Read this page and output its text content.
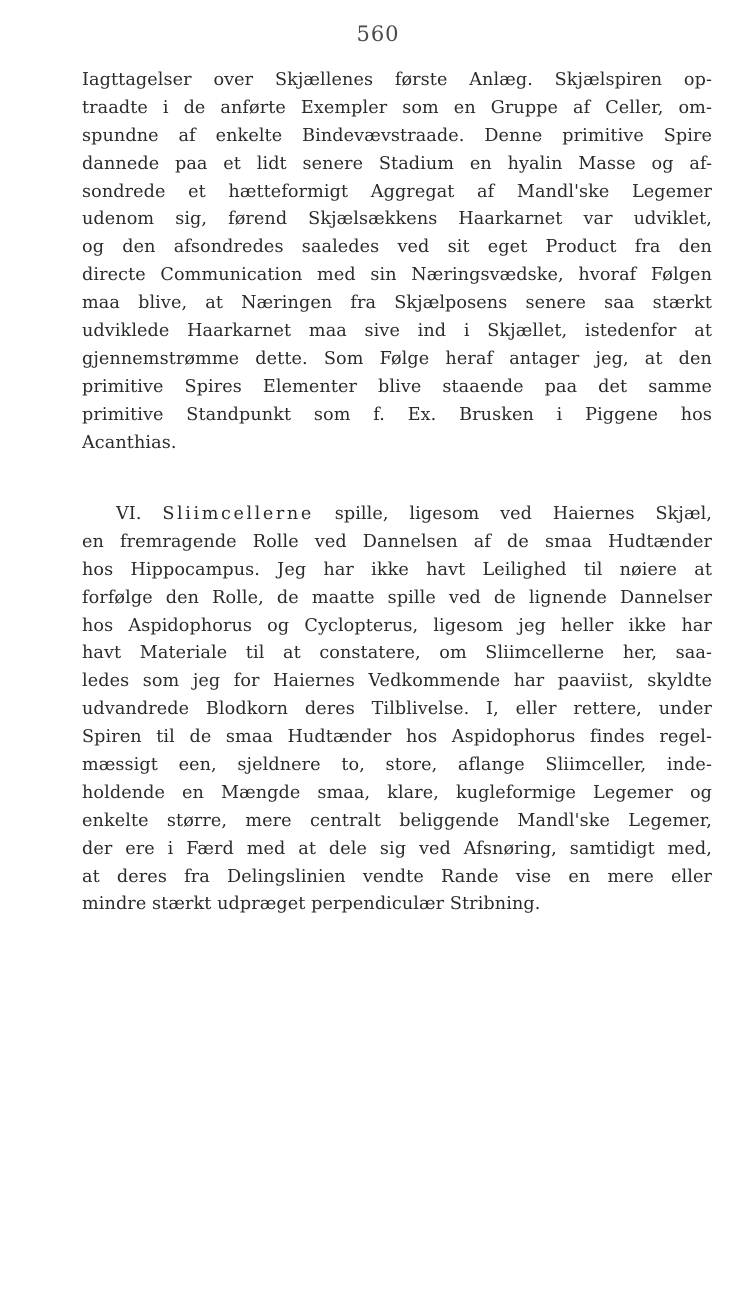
560
Iagttagelser over Skjællenes første Anlæg. Skjælspiren op-
traadte i de anførte Exempler som en Gruppe af Celler, om-
spundne af enkelte Bindevævstraade. Denne primitive Spire
dannede paa et lidt senere Stadium en hyalin Masse og af-
sondrede et hætteformigt Aggregat af Mandl'ske Legemer
udenom sig, førend Skjælsækkens Haarkarnet var udviklet,
og den afsondredes saaledes ved sit eget Product fra den
directe Communication med sin Næringsvædske, hvoraf Følgen
maa blive, at Næringen fra Skjælposens senere saa stærkt
udviklede Haarkarnet maa sive ind i Skjællet, istedenfor at
gjennemstrømme dette. Som Følge heraf antager jeg, at den
primitive Spires Elementer blive staaende paa det samme
primitive Standpunkt som f. Ex. Brusken i Piggene hos
Acanthias.
VI. Sliimcellerne spille, ligesom ved Haiernes Skjæl,
en fremragende Rolle ved Dannelsen af de smaa Hudtænder
hos Hippocampus. Jeg har ikke havt Leilighed til nøiere at
forfølge den Rolle, de maatte spille ved de lignende Dannelser
hos Aspidophorus og Cyclopterus, ligesom jeg heller ikke har
havt Materiale til at constatere, om Sliimcellerne her, saa-
ledes som jeg for Haiernes Vedkommende har paaviist, skyldte
udvandrede Blodkorn deres Tilblivelse. I, eller rettere, under
Spiren til de smaa Hudtænder hos Aspidophorus findes regel-
mæssigt een, sjeldnere to, store, aflange Sliimceller, inde-
holdende en Mængde smaa, klare, kugleformige Legemer og
enkelte større, mere centralt beliggende Mandl'ske Legemer,
der ere i Færd med at dele sig ved Afsnøring, samtidigt med,
at deres fra Delingslinien vendte Rande vise en mere eller
mindre stærkt udpræget perpendiculær Stribning.
